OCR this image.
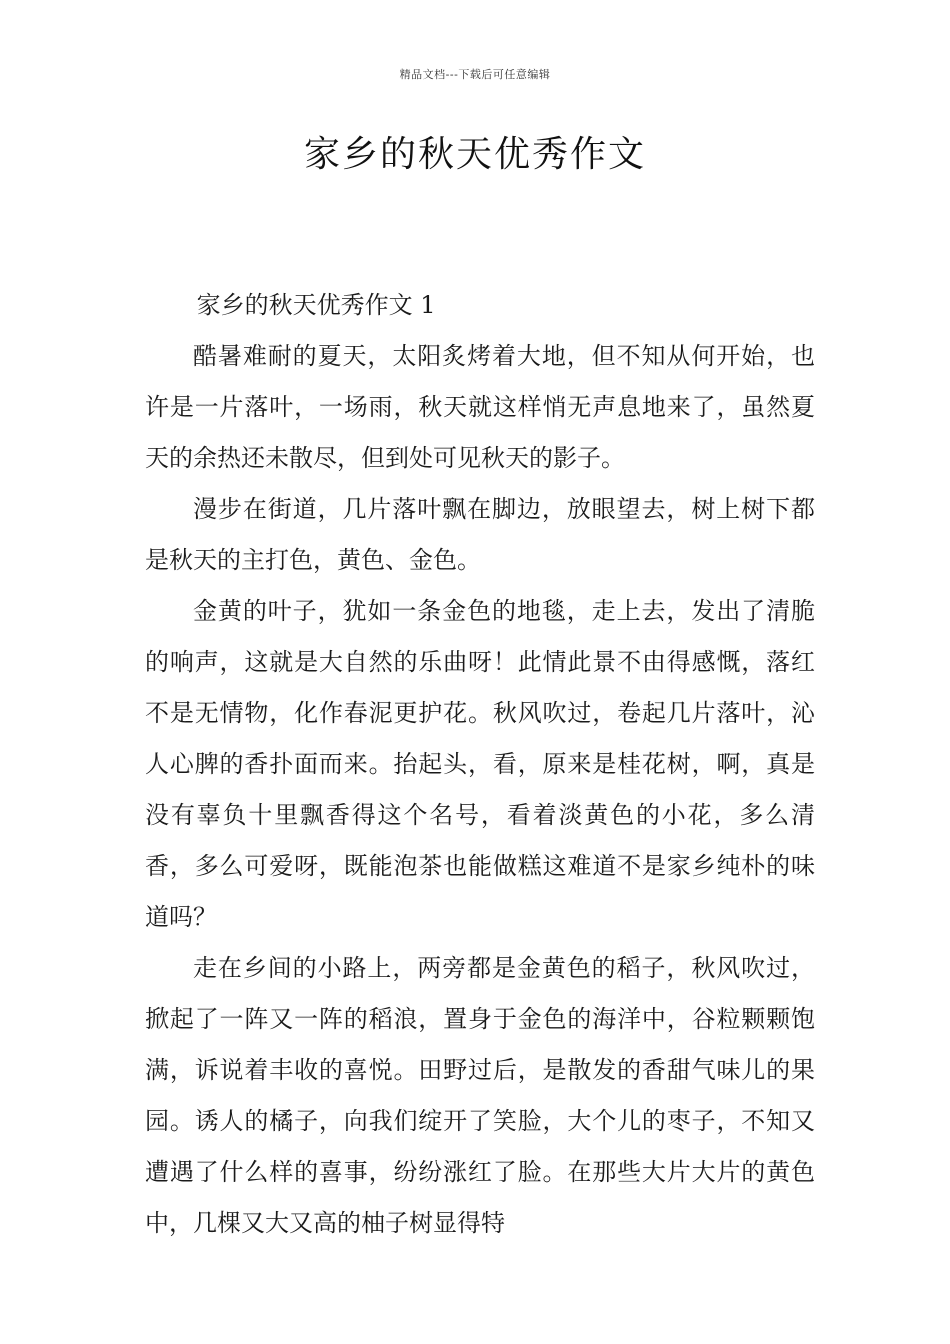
精品文档---下载后可任意编辑
家乡的秋天优秀作文

家乡的秋天优秀作文 1

酷暑难耐的夏天，太阳炙烤着大地，但不知从何开始，也许是一片落叶，一场雨，秋天就这样悄无声息地来了，虽然夏天的余热还未散尽，但到处可见秋天的影子。

漫步在街道，几片落叶飘在脚边，放眼望去，树上树下都是秋天的主打色，黄色、金色。

金黄的叶子，犹如一条金色的地毯，走上去，发出了清脆的响声，这就是大自然的乐曲呀！此情此景不由得感慨，落红不是无情物，化作春泥更护花。秋风吹过，卷起几片落叶，沁人心脾的香扑面而来。抬起头，看，原来是桂花树，啊，真是没有辜负十里飘香得这个名号，看着淡黄色的小花，多么清香，多么可爱呀，既能泡茶也能做糕这难道不是家乡纯朴的味道吗？

走在乡间的小路上，两旁都是金黄色的稻子，秋风吹过，掀起了一阵又一阵的稻浪，置身于金色的海洋中，谷粒颗颗饱满，诉说着丰收的喜悦。田野过后，是散发的香甜气味儿的果园。诱人的橘子，向我们绽开了笑脸，大个儿的枣子，不知又遭遇了什么样的喜事，纷纷涨红了脸。在那些大片大片的黄色中，几棵又大又高的柚子树显得特
